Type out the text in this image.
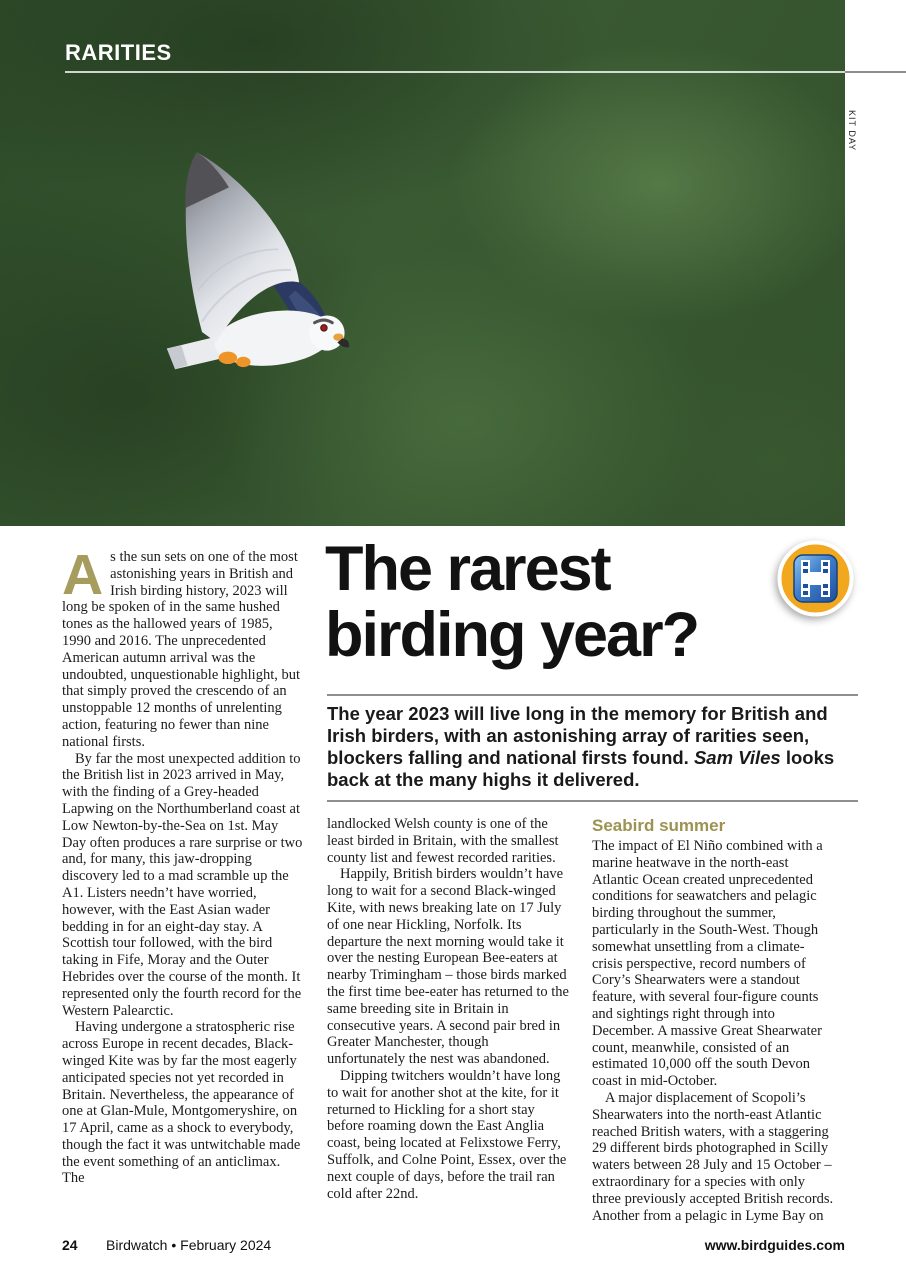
RARITIES
KIT DAY
The rarest
birding year?

The year 2023 will live long in the memory for British and Irish birders, with an astonishing array of rarities seen, blockers falling and national firsts found. Sam Viles looks back at the many highs it delivered.

As the sun sets on one of the most astonishing years in British and Irish birding history, 2023 will long be spoken of in the same hushed tones as the hallowed years of 1985, 1990 and 2016. The unprecedented American autumn arrival was the undoubted, unquestionable highlight, but that simply proved the crescendo of an unstoppable 12 months of unrelenting action, featuring no fewer than nine national firsts.

By far the most unexpected addition to the British list in 2023 arrived in May, with the finding of a Grey-headed Lapwing on the Northumberland coast at Low Newton-by-the-Sea on 1st. May Day often produces a rare surprise or two and, for many, this jaw-dropping discovery led to a mad scramble up the A1. Listers needn’t have worried, however, with the East Asian wader bedding in for an eight-day stay. A Scottish tour followed, with the bird taking in Fife, Moray and the Outer Hebrides over the course of the month. It represented only the fourth record for the Western Palearctic.

Having undergone a stratospheric rise across Europe in recent decades, Black-winged Kite was by far the most eagerly anticipated species not yet recorded in Britain. Nevertheless, the appearance of one at Glan-Mule, Montgomeryshire, on 17 April, came as a shock to everybody, though the fact it was untwitchable made the event something of an anticlimax. The

landlocked Welsh county is one of the least birded in Britain, with the smallest county list and fewest recorded rarities.

Happily, British birders wouldn’t have long to wait for a second Black-winged Kite, with news breaking late on 17 July of one near Hickling, Norfolk. Its departure the next morning would take it over the nesting European Bee-eaters at nearby Trimingham – those birds marked the first time bee-eater has returned to the same breeding site in Britain in consecutive years. A second pair bred in Greater Manchester, though unfortunately the nest was abandoned.

Dipping twitchers wouldn’t have long to wait for another shot at the kite, for it returned to Hickling for a short stay before roaming down the East Anglia coast, being located at Felixstowe Ferry, Suffolk, and Colne Point, Essex, over the next couple of days, before the trail ran cold after 22nd.

Seabird summer

The impact of El Niño combined with a marine heatwave in the north-east Atlantic Ocean created unprecedented conditions for seawatchers and pelagic birding throughout the summer, particularly in the South-West. Though somewhat unsettling from a climate-crisis perspective, record numbers of Cory’s Shearwaters were a standout feature, with several four-figure counts and sightings right through into December. A massive Great Shearwater count, meanwhile, consisted of an estimated 10,000 off the south Devon coast in mid-October.

A major displacement of Scopoli’s Shearwaters into the north-east Atlantic reached British waters, with a staggering 29 different birds photographed in Scilly waters between 28 July and 15 October – extraordinary for a species with only three previously accepted British records. Another from a pelagic in Lyme Bay on

24 Birdwatch • February 2024	www.birdguides.com
